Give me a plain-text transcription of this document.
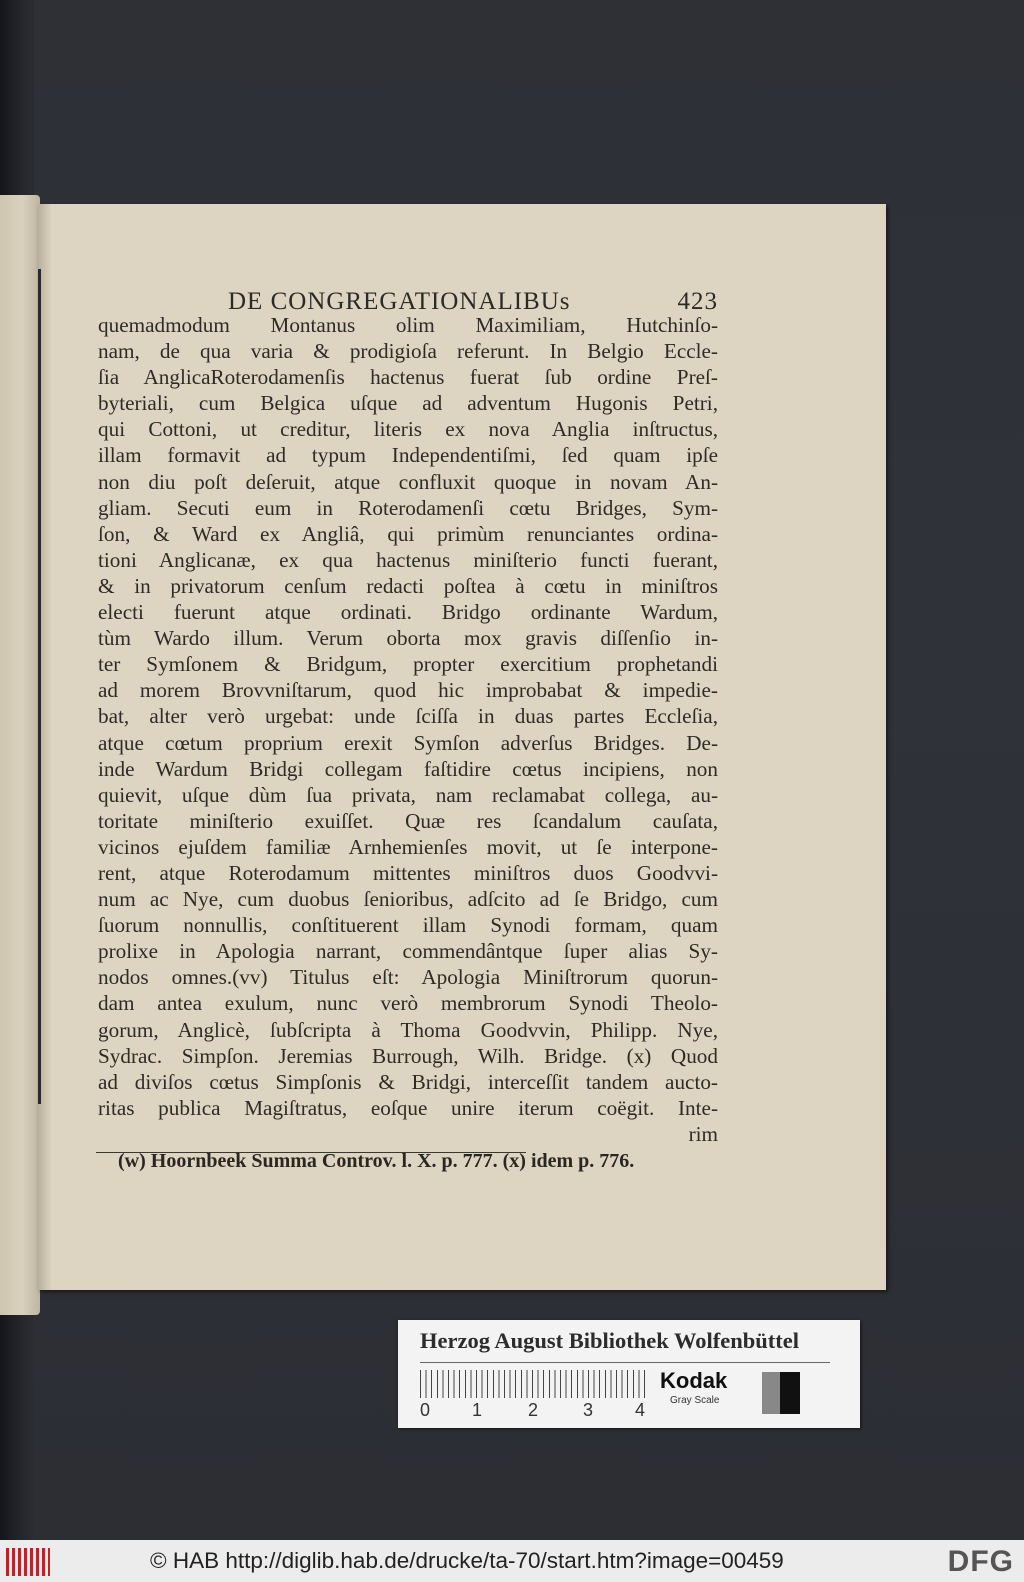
DE CONGREGATIONALIBUs	423
quemadmodum Montanus olim Maximiliam, Hutchinſo-
nam, de qua varia & prodigioſa referunt. In Belgio Eccle-
ſia AnglicaRoterodamenſis hactenus fuerat ſub ordine Preſ-
byteriali, cum Belgica uſque ad adventum Hugonis Petri,
qui Cottoni, ut creditur, literis ex nova Anglia inſtructus,
illam formavit ad typum Independentiſmi, ſed quam ipſe
non diu poſt deſeruit, atque confluxit quoque in novam An-
gliam. Secuti eum in Roterodamenſi cœtu Bridges, Sym-
ſon, & Ward ex Angliâ, qui primùm renunciantes ordina-
tioni Anglicanæ, ex qua hactenus miniſterio functi fuerant,
& in privatorum cenſum redacti poſtea à cœtu in miniſtros
electi fuerunt atque ordinati. Bridgo ordinante Wardum,
tùm Wardo illum. Verum oborta mox gravis diſſenſio in-
ter Symſonem & Bridgum, propter exercitium prophetandi
ad morem Brovvniſtarum, quod hic improbabat & impedie-
bat, alter verò urgebat: unde ſciſſa in duas partes Eccleſia,
atque cœtum proprium erexit Symſon adverſus Bridges. De-
inde Wardum Bridgi collegam faſtidire cœtus incipiens, non
quievit, uſque dùm ſua privata, nam reclamabat collega, au-
toritate miniſterio exuiſſet. Quæ res ſcandalum cauſata,
vicinos ejuſdem familiæ Arnhemienſes movit, ut ſe interpone-
rent, atque Roterodamum mittentes miniſtros duos Goodvvi-
num ac Nye, cum duobus ſenioribus, adſcito ad ſe Bridgo, cum
ſuorum nonnullis, conſtituerent illam Synodi formam, quam
prolixe in Apologia narrant, commendântque ſuper alias Sy-
nodos omnes.(vv) Titulus eſt: Apologia Miniſtrorum quorun-
dam antea exulum, nunc verò membrorum Synodi Theolo-
gorum, Anglicè, ſubſcripta à Thoma Goodvvin, Philipp. Nye,
Sydrac. Simpſon. Jeremias Burrough, Wilh. Bridge. (x) Quod
ad diviſos cœtus Simpſonis & Bridgi, interceſſit tandem aucto-
ritas publica Magiſtratus, eoſque unire iterum coëgit. Inte-
rim
(w) Hoornbeek Summa Controv. l. X. p. 777. (x) idem p. 776.
Herzog August Bibliothek Wolfenbüttel
0 1	2 3 4
Kodak
Gray Scale
© HAB http://diglib.hab.de/drucke/ta-70/start.htm?image=00459	DFG
